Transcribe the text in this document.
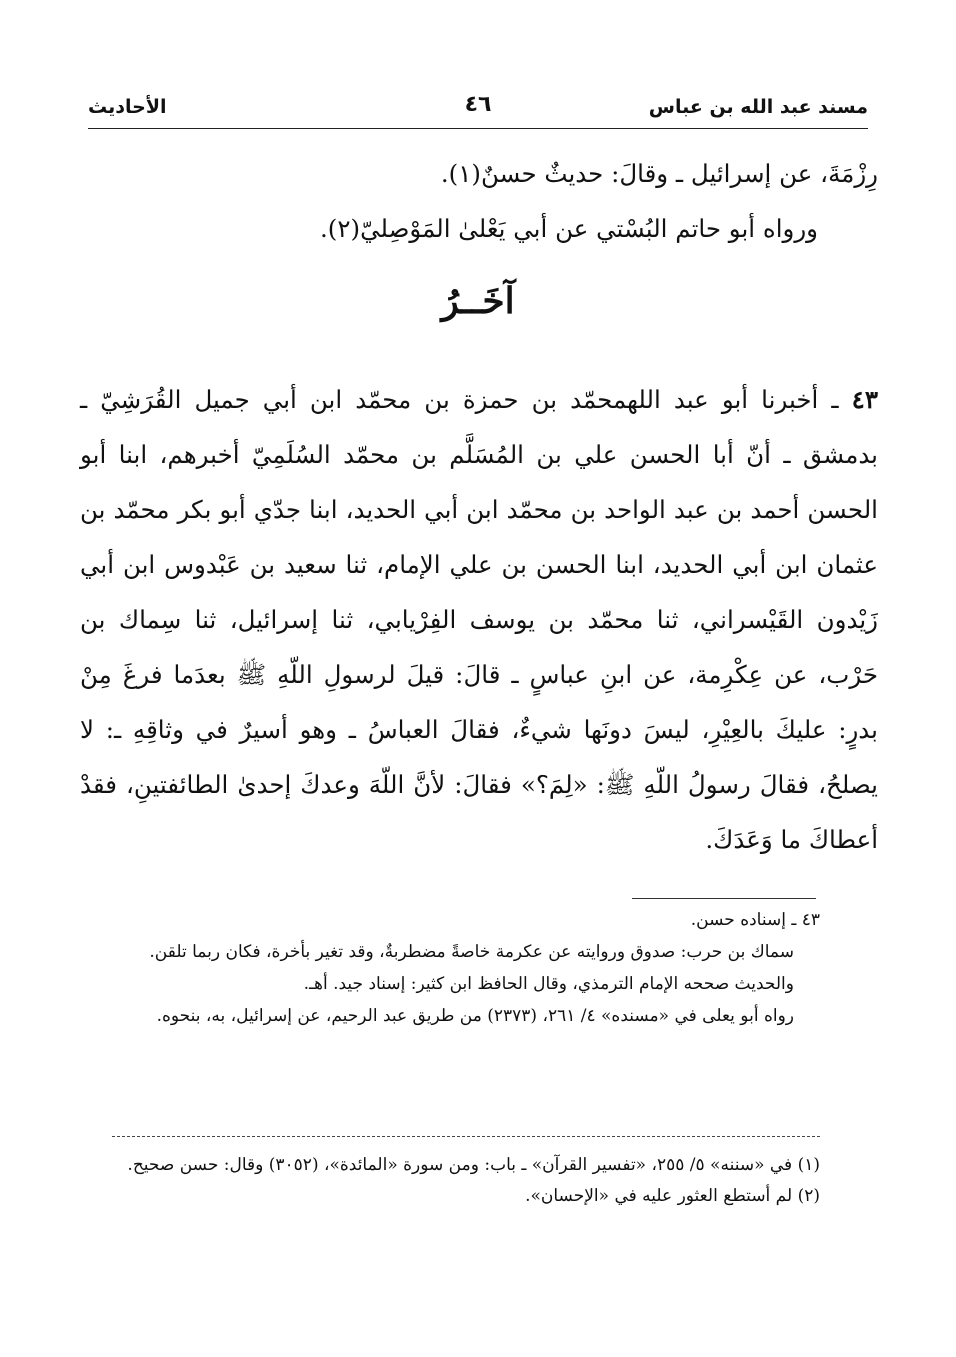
مسند عبد الله بن عباس
٤٦
الأحاديث

رِزْمَةَ، عن إسرائيل ـ وقالَ: حديثٌ حسنٌ(١).

ورواه أبو حاتم البُسْتي عن أبي يَعْلىٰ المَوْصِليّ(٢).

آخَــرُ
٤٣ ـ أخبرنا أبو عبد اللهمحمّد بن حمزة بن محمّد ابن أبي جميل القُرَشِيّ ـ بدمشق ـ أنّ أبا الحسن علي بن المُسَلَّم بن محمّد السُلَمِيّ أخبرهم، ابنا أبو الحسن أحمد بن عبد الواحد بن محمّد ابن أبي الحديد، ابنا جدّي أبو بكر محمّد بن عثمان ابن أبي الحديد، ابنا الحسن بن علي الإمام، ثنا سعيد بن عَبْدوس ابن أبي زَيْدون القَيْسراني، ثنا محمّد بن يوسف الفِرْيابي، ثنا إسرائيل، ثنا سِماك بن حَرْب، عن عِكْرِمة، عن ابنِ عباسٍ ـ قالَ: قيلَ لرسولِ اللّهِ ﷺ بعدَما فرغَ مِنْ بدرٍ: عليكَ بالعِيْرِ، ليسَ دونَها شيءٌ، فقالَ العباسُ ـ وهو أسيرٌ في وثاقِهِ ـ: لا يصلحُ، فقالَ رسولُ اللّهِ ﷺ: «لِمَ؟» فقالَ: لأنَّ اللّهَ وعدكَ إحدىٰ الطائفتينِ، فقدْ أعطاكَ ما وَعَدَكَ.

٤٣ ـ إسناده حسن.

سماك بن حرب: صدوق وروايته عن عكرمة خاصةً مضطربةٌ، وقد تغير بأخرة، فكان ربما تلقن.

والحديث صححه الإمام الترمذي، وقال الحافظ ابن كثير: إسناد جيد. أهـ.

رواه أبو يعلى في «مسنده» ٤/ ٢٦١، (٢٣٧٣) من طريق عبد الرحيم، عن إسرائيل، به، بنحوه.

(١) في «سننه» ٥/ ٢٥٥، «تفسير القرآن» ـ باب: ومن سورة «المائدة»، (٣٠٥٢) وقال: حسن صحيح.

(٢) لم أستطع العثور عليه في «الإحسان».
